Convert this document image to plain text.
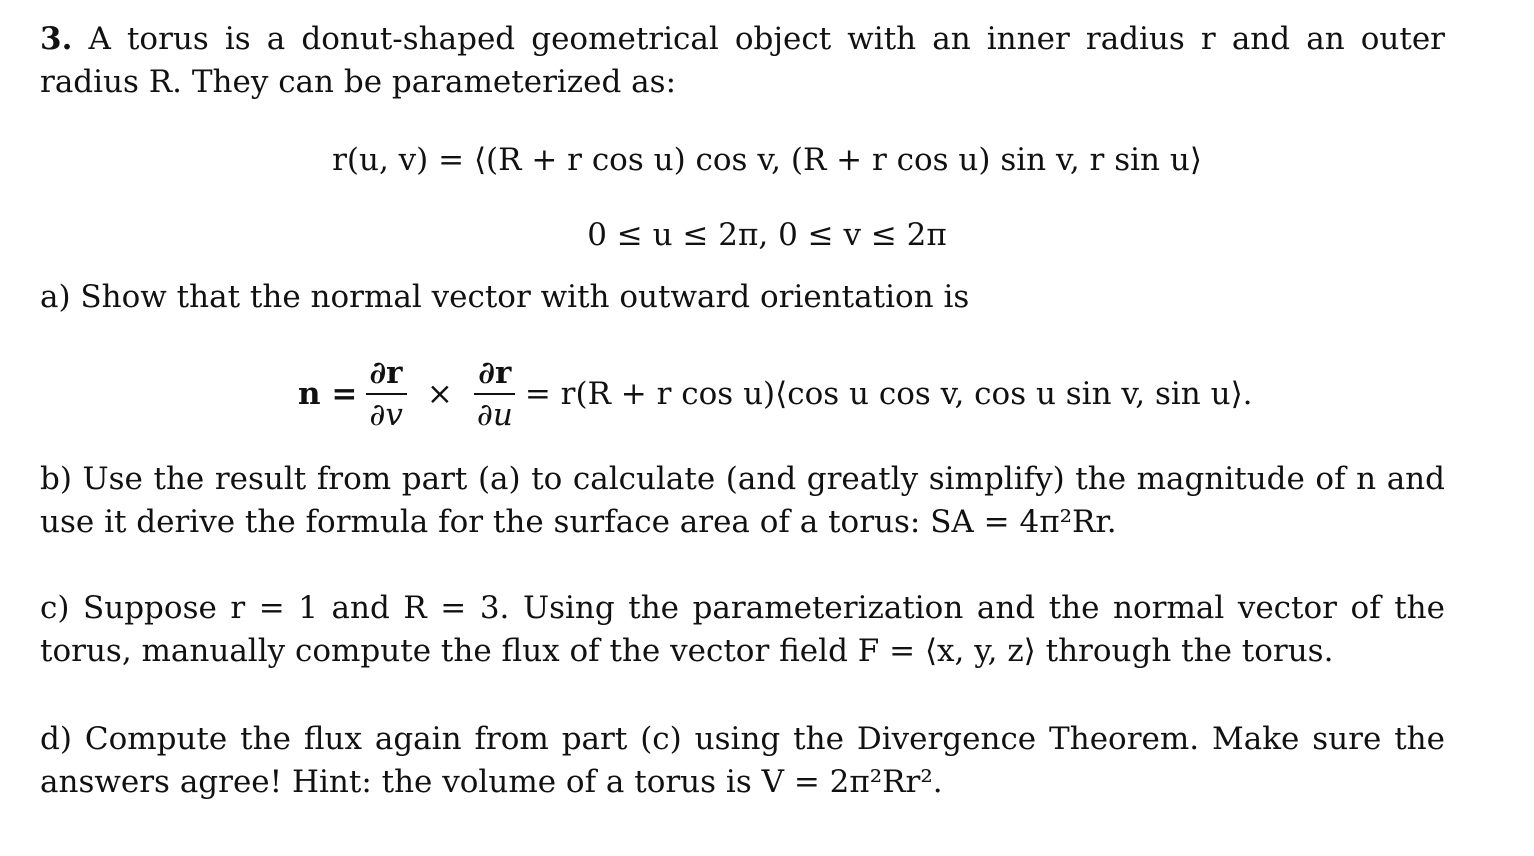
3. A torus is a donut-shaped geometrical object with an inner radius r and an outer radius R. They can be parameterized as:
r(u, v) = ⟨(R + r cos u) cos v, (R + r cos u) sin v, r sin u⟩
0 ≤ u ≤ 2π, 0 ≤ v ≤ 2π
a) Show that the normal vector with outward orientation is
$n = \frac{\partial r}{\partial v} \times \frac{\partial r}{\partial u} = r(R + r$ cos u)⟨cos u cos v, cos u sin v, sin u⟩.
b) Use the result from part (a) to calculate (and greatly simplify) the magnitude of n and use it derive the formula for the surface area of a torus: SA = 4π²Rr.
c) Suppose r = 1 and R = 3. Using the parameterization and the normal vector of the torus, manually compute the flux of the vector field F = ⟨x, y, z⟩ through the torus.
d) Compute the flux again from part (c) using the Divergence Theorem. Make sure the answers agree! Hint: the volume of a torus is V = 2π²Rr².
